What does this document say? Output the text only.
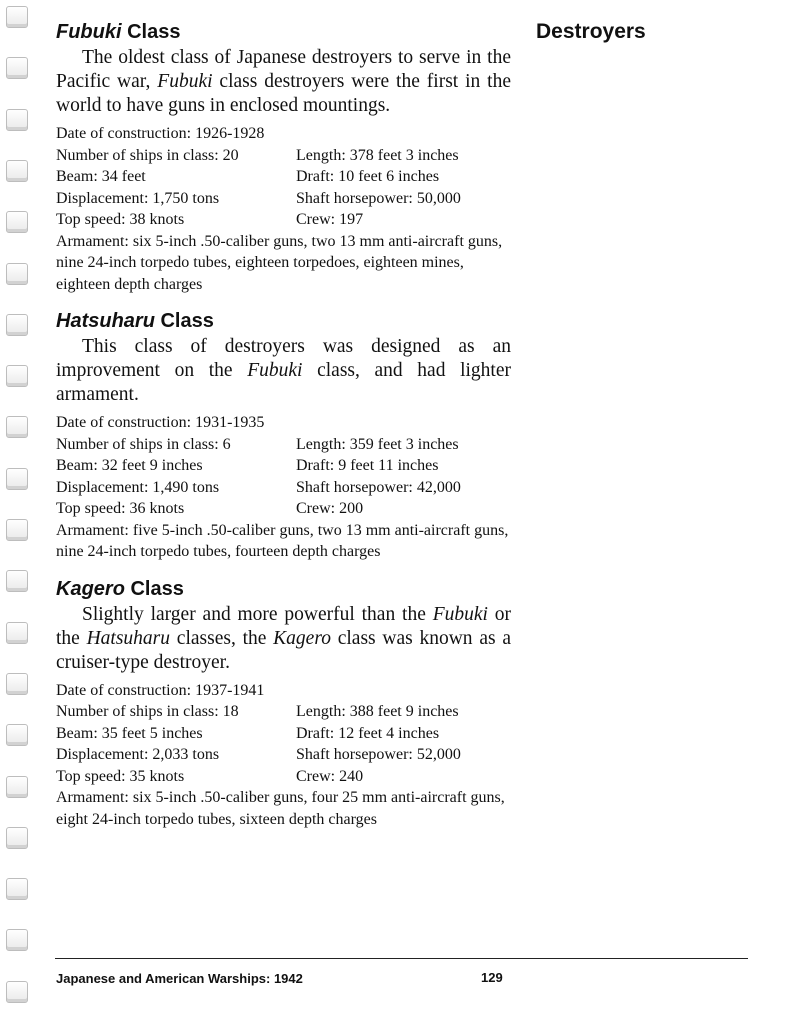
Destroyers
Fubuki Class

The oldest class of Japanese destroyers to serve in the Pacific war, Fubuki class destroyers were the first in the world to have guns in enclosed mountings.

Date of construction: 1926-1928
Number of ships in class: 20	Length: 378 feet 3 inches
Beam: 34 feet	Draft: 10 feet 6 inches
Displacement: 1,750 tons	Shaft horsepower: 50,000
Top speed: 38 knots	Crew: 197
Armament: six 5-inch .50-caliber guns, two 13 mm anti-aircraft guns, nine 24-inch torpedo tubes, eighteen torpedoes, eighteen mines, eighteen depth charges
Hatsuharu Class

This class of destroyers was designed as an improvement on the Fubuki class, and had lighter armament.

Date of construction: 1931-1935
Number of ships in class: 6	Length: 359 feet 3 inches
Beam: 32 feet 9 inches	Draft: 9 feet 11 inches
Displacement: 1,490 tons	Shaft horsepower: 42,000
Top speed: 36 knots	Crew: 200
Armament: five 5-inch .50-caliber guns, two 13 mm anti-aircraft guns, nine 24-inch torpedo tubes, fourteen depth charges
Kagero Class

Slightly larger and more powerful than the Fubuki or the Hatsuharu classes, the Kagero class was known as a cruiser-type destroyer.

Date of construction: 1937-1941
Number of ships in class: 18	Length: 388 feet 9 inches
Beam: 35 feet 5 inches	Draft: 12 feet 4 inches
Displacement: 2,033 tons	Shaft horsepower: 52,000
Top speed: 35 knots	Crew: 240
Armament: six 5-inch .50-caliber guns, four 25 mm anti-aircraft guns, eight 24-inch torpedo tubes, sixteen depth charges
Japanese and American Warships: 1942	129
